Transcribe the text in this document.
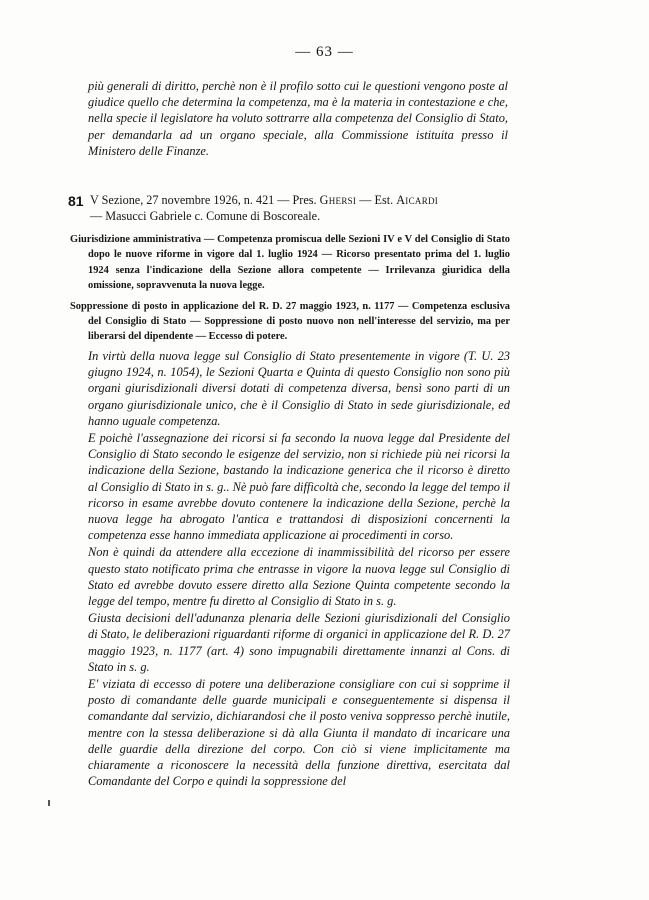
— 63 —

più generali di diritto, perchè non è il profilo sotto cui le questioni vengono poste al giudice quello che determina la competenza, ma è la materia in contestazione e che, nella specie il legislatore ha voluto sottrarre alla competenza del Consiglio di Stato, per demandarla ad un organo speciale, alla Commissione istituita presso il Ministero delle Finanze.

81 V Sezione, 27 novembre 1926, n. 421 — Pres. Ghersi — Est. Aicardi
— Masucci Gabriele c. Comune di Boscoreale.

Giurisdizione amministrativa — Competenza promiscua delle Sezioni IV e V del Consiglio di Stato dopo le nuove riforme in vigore dal 1. luglio 1924 — Ricorso presentato prima del 1. luglio 1924 senza l'indicazione della Sezione allora competente — Irrilevanza giuridica della omissione, sopravvenuta la nuova legge.

Soppressione di posto in applicazione del R. D. 27 maggio 1923, n. 1177 — Competenza esclusiva del Consiglio di Stato — Soppressione di posto nuovo non nell'interesse del servizio, ma per liberarsi del dipendente — Eccesso di potere.

In virtù della nuova legge sul Consiglio di Stato presentemente in vigore (T. U. 23 giugno 1924, n. 1054), le Sezioni Quarta e Quinta di questo Consiglio non sono più organi giurisdizionali diversi dotati di competenza diversa, bensì sono parti di un organo giurisdizionale unico, che è il Consiglio di Stato in sede giurisdizionale, ed hanno uguale competenza.

E poichè l'assegnazione dei ricorsi si fa secondo la nuova legge dal Presidente del Consiglio di Stato secondo le esigenze del servizio, non si richiede più nei ricorsi la indicazione della Sezione, bastando la indicazione generica che il ricorso è diretto al Consiglio di Stato in s. g.. Nè può fare difficoltà che, secondo la legge del tempo il ricorso in esame avrebbe dovuto contenere la indicazione della Sezione, perchè la nuova legge ha abrogato l'antica e trattandosi di disposizioni concernenti la competenza esse hanno immediata applicazione ai procedimenti in corso.

Non è quindi da attendere alla eccezione di inammissibilità del ricorso per essere questo stato notificato prima che entrasse in vigore la nuova legge sul Consiglio di Stato ed avrebbe dovuto essere diretto alla Sezione Quinta competente secondo la legge del tempo, mentre fu diretto al Consiglio di Stato in s. g.

Giusta decisioni dell'adunanza plenaria delle Sezioni giurisdizionali del Consiglio di Stato, le deliberazioni riguardanti riforme di organici in applicazione del R. D. 27 maggio 1923, n. 1177 (art. 4) sono impugnabili direttamente innanzi al Cons. di Stato in s. g.

E' viziata di eccesso di potere una deliberazione consigliare con cui si sopprime il posto di comandante delle guarde municipali e conseguentemente si dispensa il comandante dal servizio, dichiarandosi che il posto veniva soppresso perchè inutile, mentre con la stessa deliberazione si dà alla Giunta il mandato di incaricare una delle guardie della direzione del corpo. Con ciò si viene implicitamente ma chiaramente a riconoscere la necessità della funzione direttiva, esercitata dal Comandante del Corpo e quindi la soppressione del
